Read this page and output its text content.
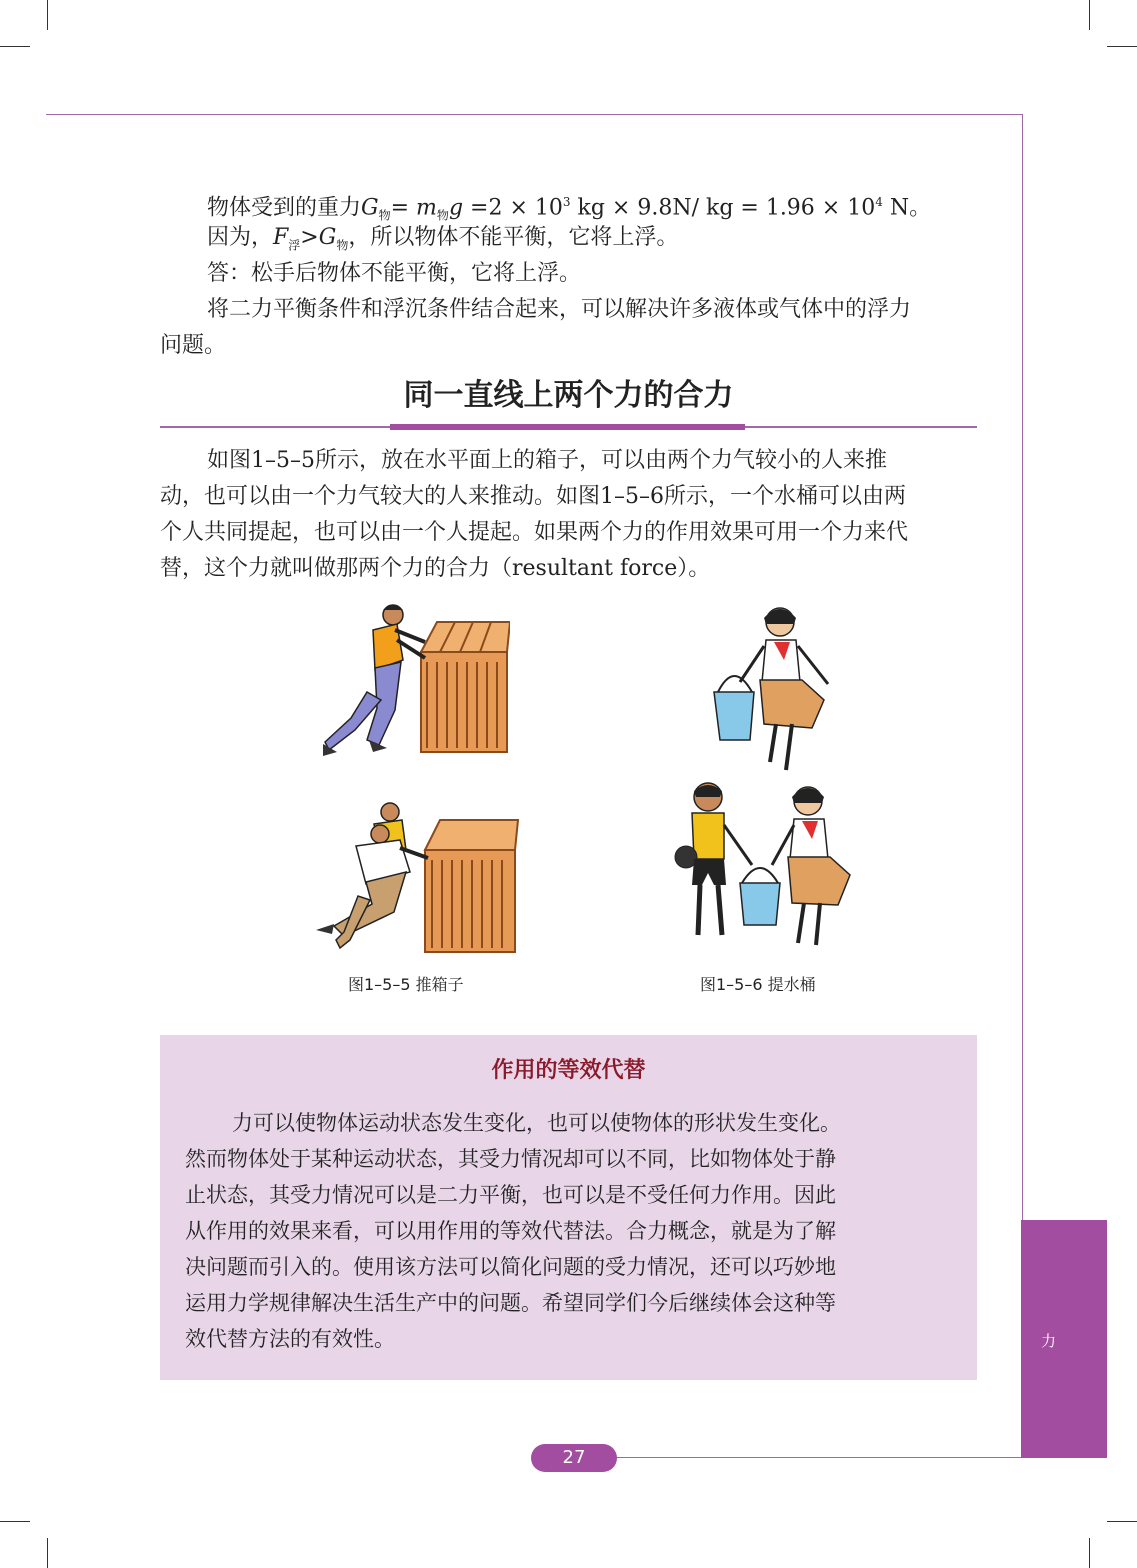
物体受到的重力$G_物= m_物g =2 \times 10^3$ kg × 9.8N/ kg = $1.96 \times 10^4$ N。
因为，$F_浮>G_物$，所以物体不能平衡，它将上浮。
答：松手后物体不能平衡，它将上浮。
将二力平衡条件和浮沉条件结合起来，可以解决许多液体或气体中的浮力
问题。
同一直线上两个力的合力
如图1–5–5所示，放在水平面上的箱子，可以由两个力气较小的人来推
动，也可以由一个力气较大的人来推动。如图1–5–6所示，一个水桶可以由两
个人共同提起，也可以由一个人提起。如果两个力的作用效果可用一个力来代
替，这个力就叫做那两个力的合力（resultant force）。
图1–5–5 推箱子	图1–5–6 提水桶
作用的等效代替
力可以使物体运动状态发生变化，也可以使物体的形状发生变化。
然而物体处于某种运动状态，其受力情况却可以不同，比如物体处于静
止状态，其受力情况可以是二力平衡，也可以是不受任何力作用。因此
从作用的效果来看，可以用作用的等效代替法。合力概念，就是为了解
决问题而引入的。使用该方法可以简化问题的受力情况，还可以巧妙地
运用力学规律解决生活生产中的问题。希望同学们今后继续体会这种等
效代替方法的有效性。	力
27
